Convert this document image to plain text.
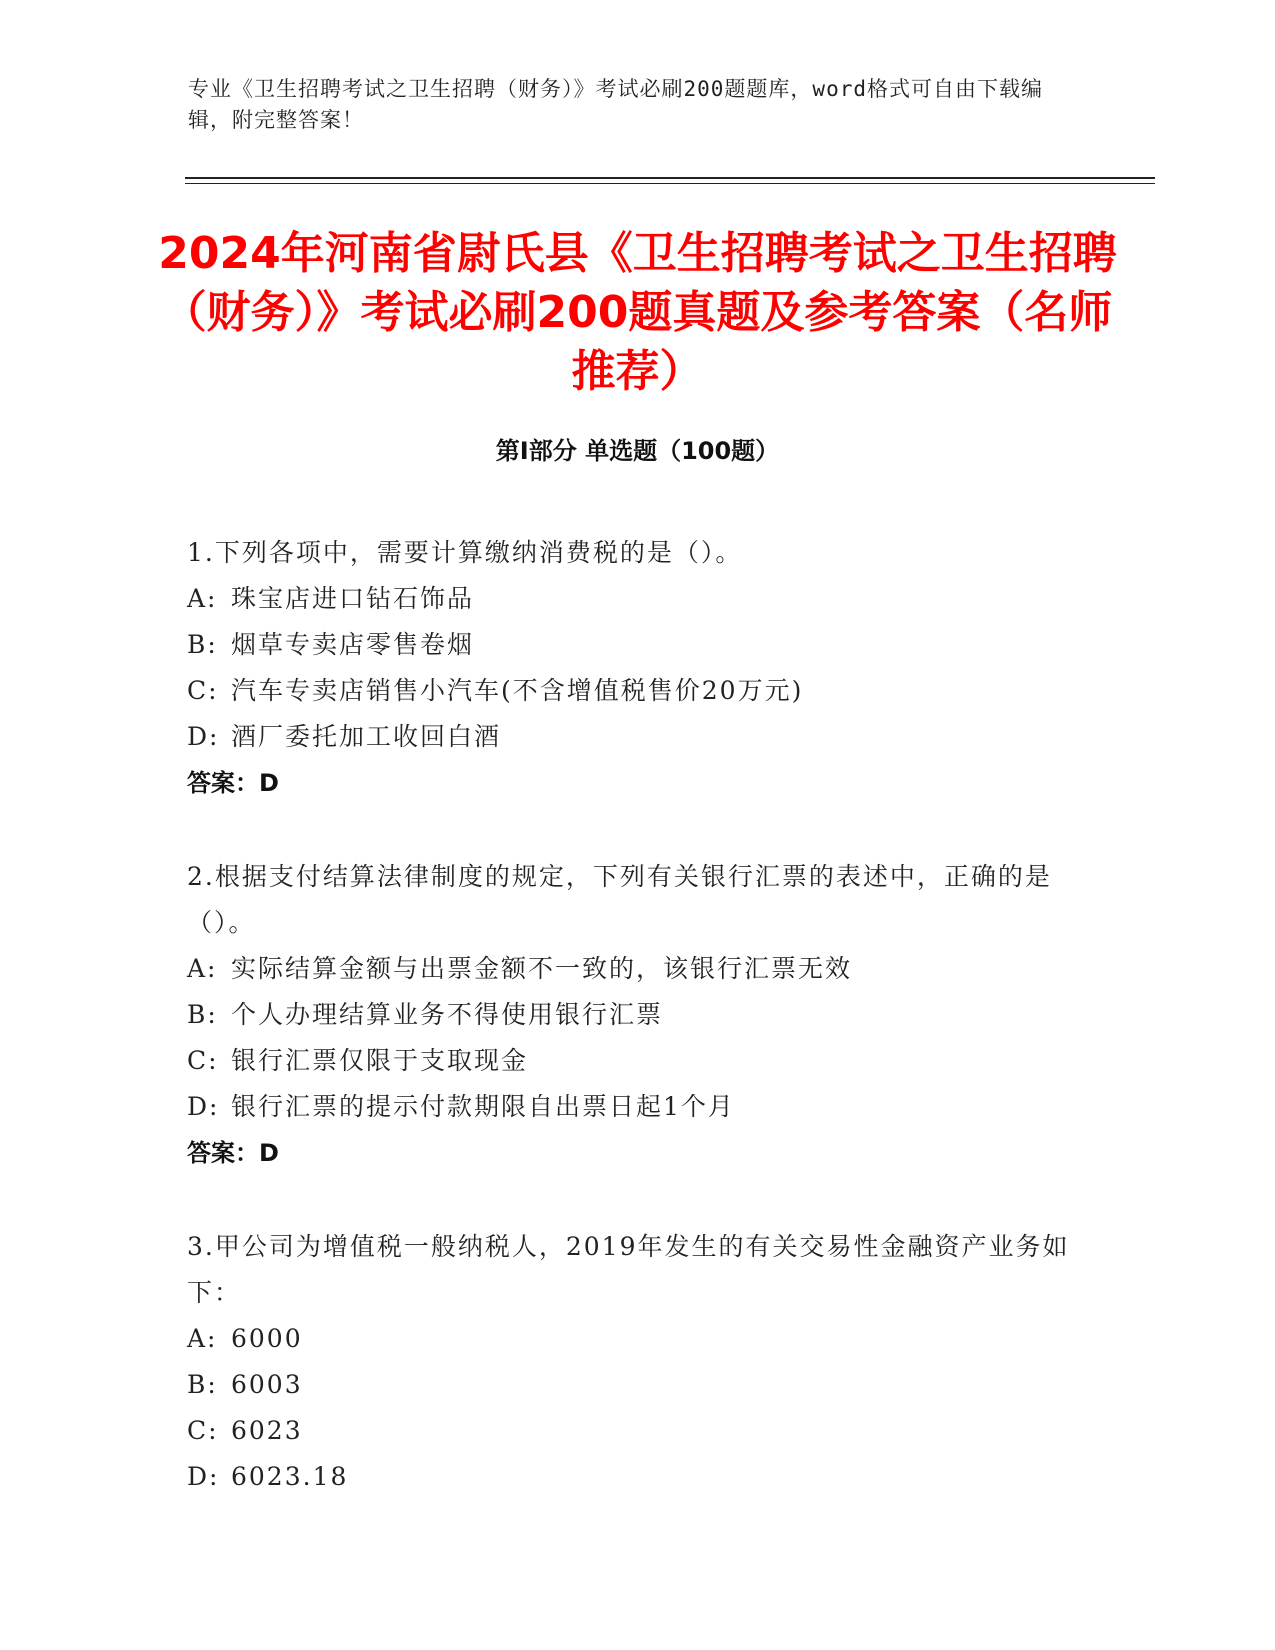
专业《卫生招聘考试之卫生招聘（财务）》考试必刷200题题库，word格式可自由下载编辑，附完整答案！
2024年河南省尉氏县《卫生招聘考试之卫生招聘（财务）》考试必刷200题真题及参考答案（名师推荐）
第Ⅰ部分 单选题（100题）
1.下列各项中，需要计算缴纳消费税的是（）。
A: 珠宝店进口钻石饰品
B: 烟草专卖店零售卷烟
C: 汽车专卖店销售小汽车(不含增值税售价20万元)
D: 酒厂委托加工收回白酒
答案：D
2.根据支付结算法律制度的规定，下列有关银行汇票的表述中，正确的是（）。
A: 实际结算金额与出票金额不一致的，该银行汇票无效
B: 个人办理结算业务不得使用银行汇票
C: 银行汇票仅限于支取现金
D: 银行汇票的提示付款期限自出票日起1个月
答案：D
3.甲公司为增值税一般纳税人，2019年发生的有关交易性金融资产业务如下：
A: 6000
B: 6003
C: 6023
D: 6023.18
